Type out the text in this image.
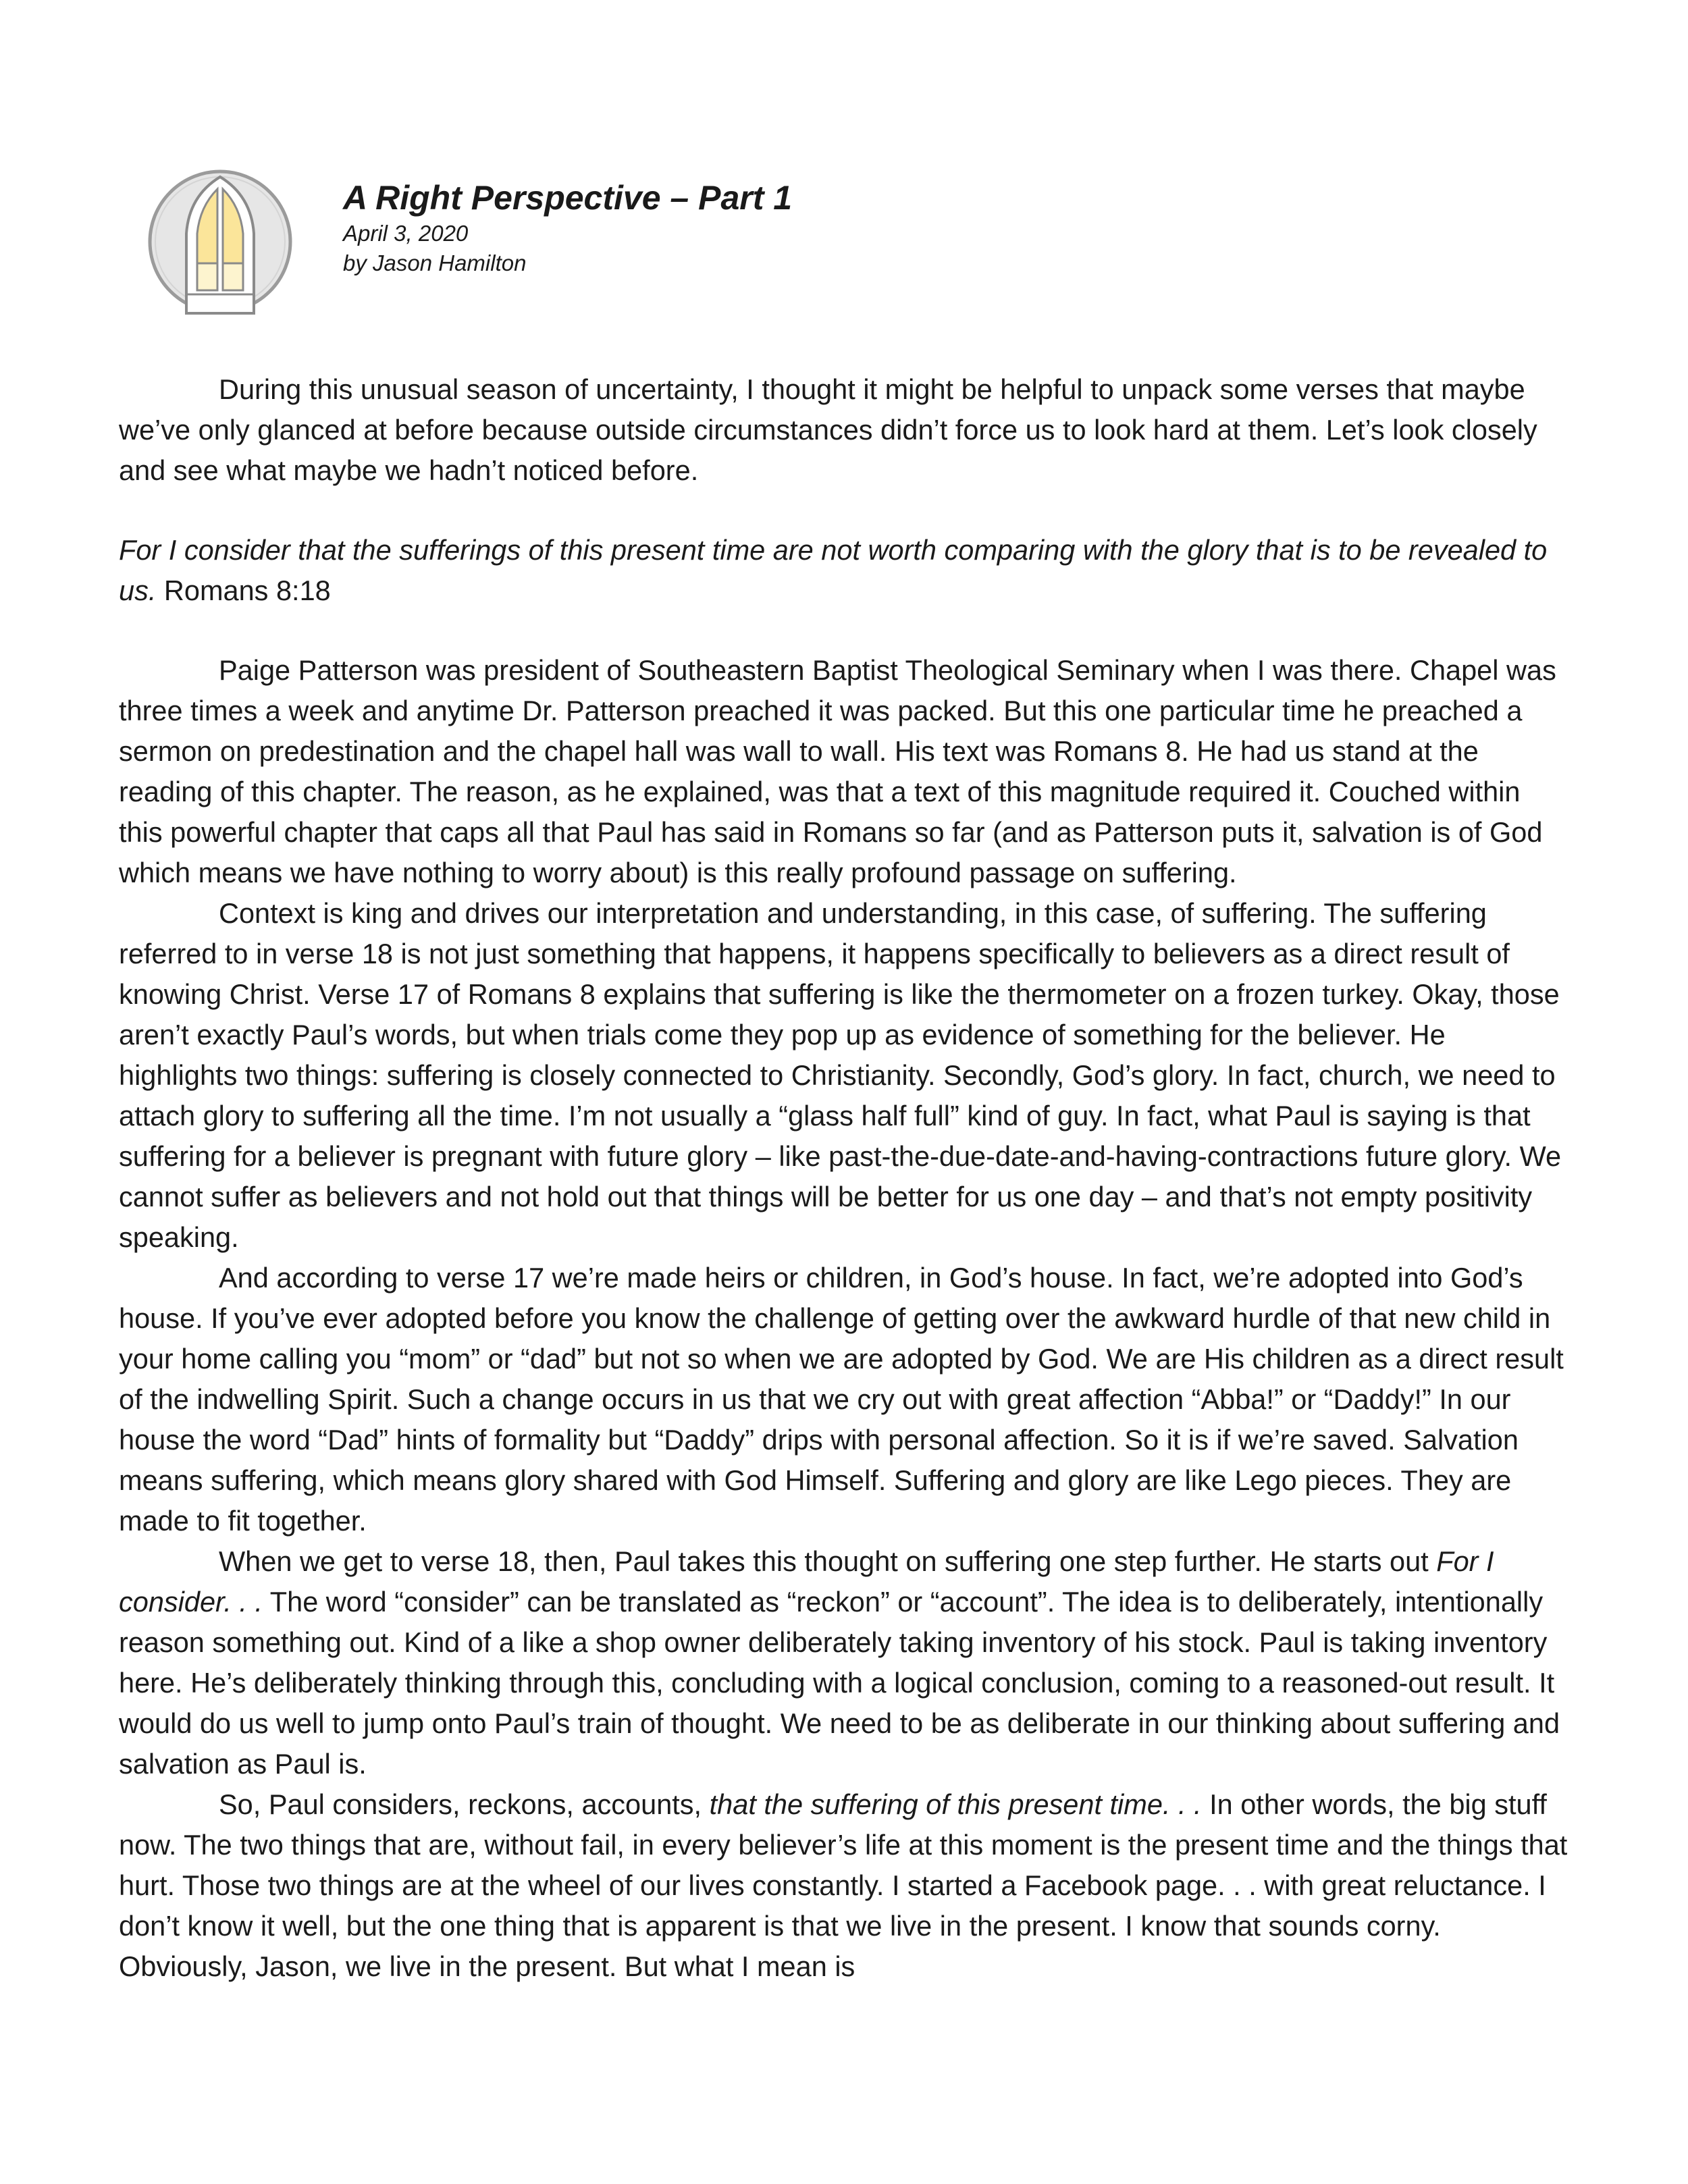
A Right Perspective – Part 1

April 3, 2020

by Jason Hamilton

During this unusual season of uncertainty, I thought it might be helpful to unpack some verses that maybe we’ve only glanced at before because outside circumstances didn’t force us to look hard at them. Let’s look closely and see what maybe we hadn’t noticed before.

For I consider that the sufferings of this present time are not worth comparing with the glory that is to be revealed to us. Romans 8:18

Paige Patterson was president of Southeastern Baptist Theological Seminary when I was there. Chapel was three times a week and anytime Dr. Patterson preached it was packed. But this one particular time he preached a sermon on predestination and the chapel hall was wall to wall. His text was Romans 8. He had us stand at the reading of this chapter. The reason, as he explained, was that a text of this magnitude required it. Couched within this powerful chapter that caps all that Paul has said in Romans so far (and as Patterson puts it, salvation is of God which means we have nothing to worry about) is this really profound passage on suffering.

Context is king and drives our interpretation and understanding, in this case, of suffering. The suffering referred to in verse 18 is not just something that happens, it happens specifically to believers as a direct result of knowing Christ. Verse 17 of Romans 8 explains that suffering is like the thermometer on a frozen turkey. Okay, those aren’t exactly Paul’s words, but when trials come they pop up as evidence of something for the believer. He highlights two things: suffering is closely connected to Christianity. Secondly, God’s glory. In fact, church, we need to attach glory to suffering all the time. I’m not usually a “glass half full” kind of guy. In fact, what Paul is saying is that suffering for a believer is pregnant with future glory – like past-the-due-date-and-having-contractions future glory. We cannot suffer as believers and not hold out that things will be better for us one day – and that’s not empty positivity speaking.

And according to verse 17 we’re made heirs or children, in God’s house. In fact, we’re adopted into God’s house. If you’ve ever adopted before you know the challenge of getting over the awkward hurdle of that new child in your home calling you “mom” or “dad” but not so when we are adopted by God. We are His children as a direct result of the indwelling Spirit. Such a change occurs in us that we cry out with great affection “Abba!” or “Daddy!” In our house the word “Dad” hints of formality but “Daddy” drips with personal affection. So it is if we’re saved. Salvation means suffering, which means glory shared with God Himself. Suffering and glory are like Lego pieces. They are made to fit together.

When we get to verse 18, then, Paul takes this thought on suffering one step further. He starts out For I consider. . . The word “consider” can be translated as “reckon” or “account”. The idea is to deliberately, intentionally reason something out. Kind of a like a shop owner deliberately taking inventory of his stock. Paul is taking inventory here. He’s deliberately thinking through this, concluding with a logical conclusion, coming to a reasoned-out result. It would do us well to jump onto Paul’s train of thought. We need to be as deliberate in our thinking about suffering and salvation as Paul is.

So, Paul considers, reckons, accounts, that the suffering of this present time. . . In other words, the big stuff now. The two things that are, without fail, in every believer’s life at this moment is the present time and the things that hurt. Those two things are at the wheel of our lives constantly. I started a Facebook page. . . with great reluctance. I don’t know it well, but the one thing that is apparent is that we live in the present. I know that sounds corny. Obviously, Jason, we live in the present. But what I mean is
